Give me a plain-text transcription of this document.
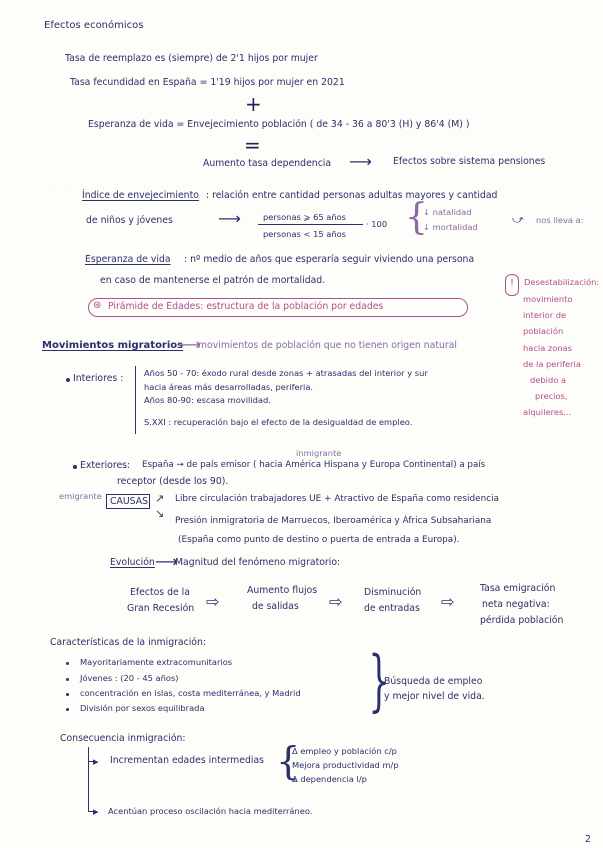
· · · · · · · · ·
Efectos económicos
Tasa de reemplazo es (siempre) de 2'1 hijos por mujer
Tasa fecundidad en España = 1'19 hijos por mujer en 2021
+
Esperanza de vida = Envejecimiento población ( de 34 - 36 a 80'3 (H) y 86'4 (M) )
=
Aumento tasa dependencia ⟶ Efectos sobre sistema pensiones
Índice de envejecimiento : relación entre cantidad personas adultas mayores y cantidad
de niños y jóvenes	⟶	personas ⩾ 65 años
personas < 15 años
· 100 {
↓ natalidad
↓ mortalidad
⤻ nos lleva a:
Esperanza de vida : nº medio de años que esperaría seguir viviendo una persona
en caso de mantenerse el patrón de mortalidad.	! Desestabilización:
movimiento
interior de
población
hacia zonas
de la periferia
debido a
precios,
alquileres...
⊛ Pirámide de Edades: estructura de la población por edades
Movimientos migratorios
⟶
movimientos de población que no tienen origen natural
Interiores : Años 50 - 70: éxodo rural desde zonas + atrasadas del interior y sur
hacia áreas más desarrolladas, periferia.
Años 80-90: escasa movilidad.
S.XXI : recuperación bajo el efecto de la desigualdad de empleo.
inmigrante
Exteriores: España → de país emisor ( hacia América Hispana y Europa Continental) a país
receptor (desde los 90).
emigrante CAUSAS ↗
↘
Libre circulación trabajadores UE + Atractivo de España como residencia
Presión inmigratoria de Marruecos, Iberoamérica y África Subsahariana
(España como punto de destino o puerta de entrada a Europa).
Evolución ⟶
Magnitud del fenómeno migratorio:
Efectos de la
Gran Recesión ⇨
Aumento flujos
de salidas ⇨ Disminución
de entradas ⇨
Tasa emigración
neta negativa:
pérdida población
Características de la inmigración:
Mayoritariamente extracomunitarios
Jóvenes : (20 - 45 años)
concentración en islas, costa mediterránea, y Madrid
División por sexos equilibrada }
Búsqueda de empleo
y mejor nivel de vida.
Consecuencia inmigración:
▸ Incrementan edades intermedias {
Δ empleo y población c/p
Mejora productividad m/p
Δ dependencia l/p
▸ Acentúan proceso oscilación hacia mediterráneo.
2
